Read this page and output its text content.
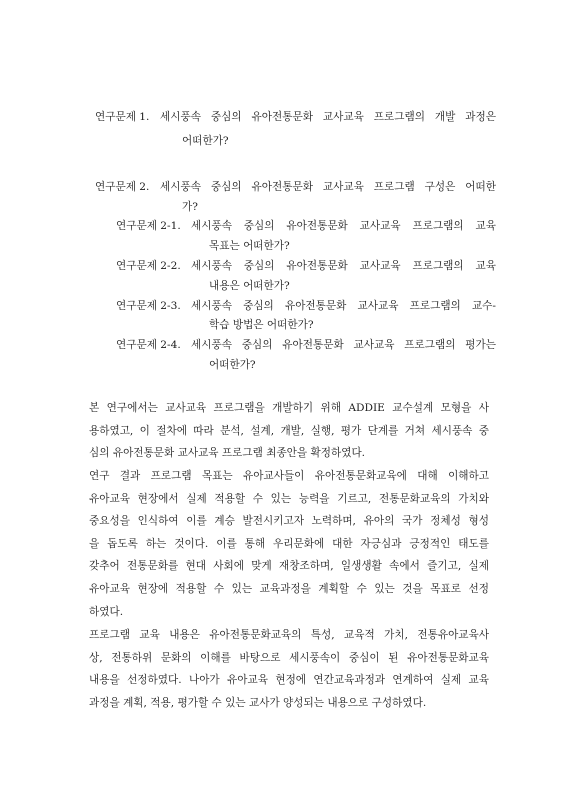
연구문제 1. 세시풍속 중심의 유아전통문화 교사교육 프로그램의 개발 과정은
어떠한가?
연구문제 2. 세시풍속 중심의 유아전통문화 교사교육 프로그램 구성은 어떠한
가?
연구문제 2-1. 세시풍속 중심의 유아전통문화 교사교육 프로그램의 교육
목표는 어떠한가?
연구문제 2-2. 세시풍속 중심의 유아전통문화 교사교육 프로그램의 교육
내용은 어떠한가?
연구문제 2-3. 세시풍속 중심의 유아전통문화 교사교육 프로그램의 교수-
학습 방법은 어떠한가?
연구문제 2-4. 세시풍속 중심의 유아전통문화 교사교육 프로그램의 평가는
어떠한가?
본 연구에서는 교사교육 프로그램을 개발하기 위해 ADDIE 교수설계 모형을 사
용하였고, 이 절차에 따라 분석, 설계, 개발, 실행, 평가 단계를 거쳐 세시풍속 중
심의 유아전통문화 교사교육 프로그램 최종안을 확정하였다.
연구 결과 프로그램 목표는 유아교사들이 유아전통문화교육에 대해 이해하고
유아교육 현장에서 실제 적용할 수 있는 능력을 기르고, 전통문화교육의 가치와
중요성을 인식하여 이를 계승 발전시키고자 노력하며, 유아의 국가 정체성 형성
을 돕도록 하는 것이다. 이를 통해 우리문화에 대한 자긍심과 긍정적인 태도를
갖추어 전통문화를 현대 사회에 맞게 재창조하며, 일생생활 속에서 즐기고, 실제
유아교육 현장에 적용할 수 있는 교육과정을 계획할 수 있는 것을 목표로 선정
하였다.
프로그램 교육 내용은 유아전통문화교육의 특성, 교육적 가치, 전통유아교육사
상, 전통하위 문화의 이해를 바탕으로 세시풍속이 중심이 된 유아전통문화교육
내용을 선정하였다. 나아가 유아교육 현정에 연간교육과정과 연계하여 실제 교육
과정을 계획, 적용, 평가할 수 있는 교사가 양성되는 내용으로 구성하였다.
